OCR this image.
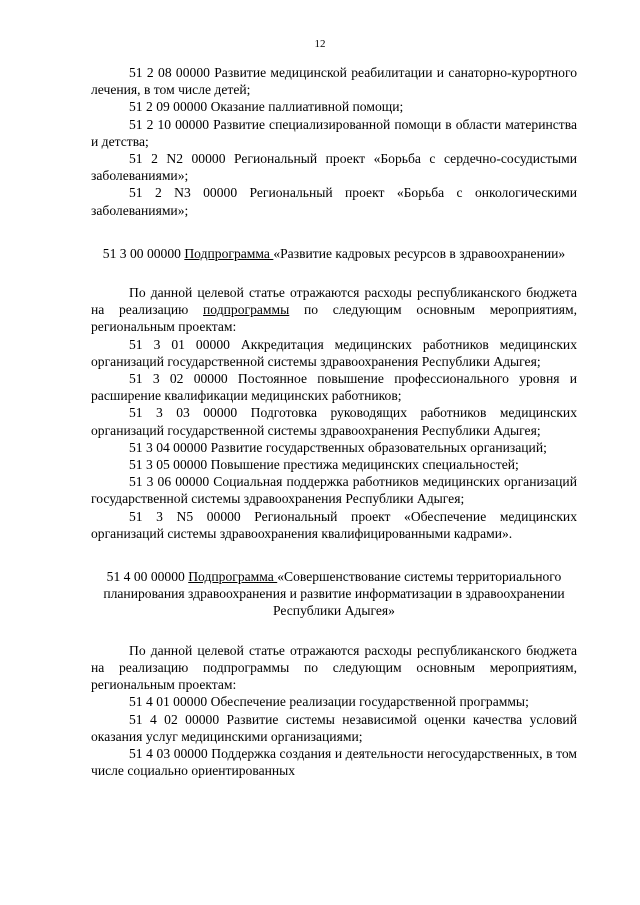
12

51 2 08 00000 Развитие медицинской реабилитации и санаторно-курортного лечения, в том числе детей;

51 2 09 00000 Оказание паллиативной помощи;

51 2 10 00000 Развитие специализированной помощи в области материнства и детства;

51 2 N2 00000 Региональный проект «Борьба с сердечно-сосудистыми заболеваниями»;

51 2 N3 00000 Региональный проект «Борьба с онкологическими заболеваниями»;

51 3 00 00000 Подпрограмма «Развитие кадровых ресурсов в здравоохранении»

По данной целевой статье отражаются расходы республиканского бюджета на реализацию подпрограммы по следующим основным мероприятиям, региональным проектам:

51 3 01 00000 Аккредитация медицинских работников медицинских организаций государственной системы здравоохранения Республики Адыгея;

51 3 02 00000 Постоянное повышение профессионального уровня и расширение квалификации медицинских работников;

51 3 03 00000 Подготовка руководящих работников медицинских организаций государственной системы здравоохранения Республики Адыгея;

51 3 04 00000 Развитие государственных образовательных организаций;

51 3 05 00000 Повышение престижа медицинских специальностей;

51 3 06 00000 Социальная поддержка работников медицинских организаций государственной системы здравоохранения Республики Адыгея;

51 3 N5 00000 Региональный проект «Обеспечение медицинских организаций системы здравоохранения квалифицированными кадрами».

51 4 00 00000 Подпрограмма «Совершенствование системы территориального планирования здравоохранения и развитие информатизации в здравоохранении Республики Адыгея»

По данной целевой статье отражаются расходы республиканского бюджета на реализацию подпрограммы по следующим основным мероприятиям, региональным проектам:

51 4 01 00000 Обеспечение реализации государственной программы;

51 4 02 00000 Развитие системы независимой оценки качества условий оказания услуг медицинскими организациями;

51 4 03 00000 Поддержка создания и деятельности негосударственных, в том числе социально ориентированных
